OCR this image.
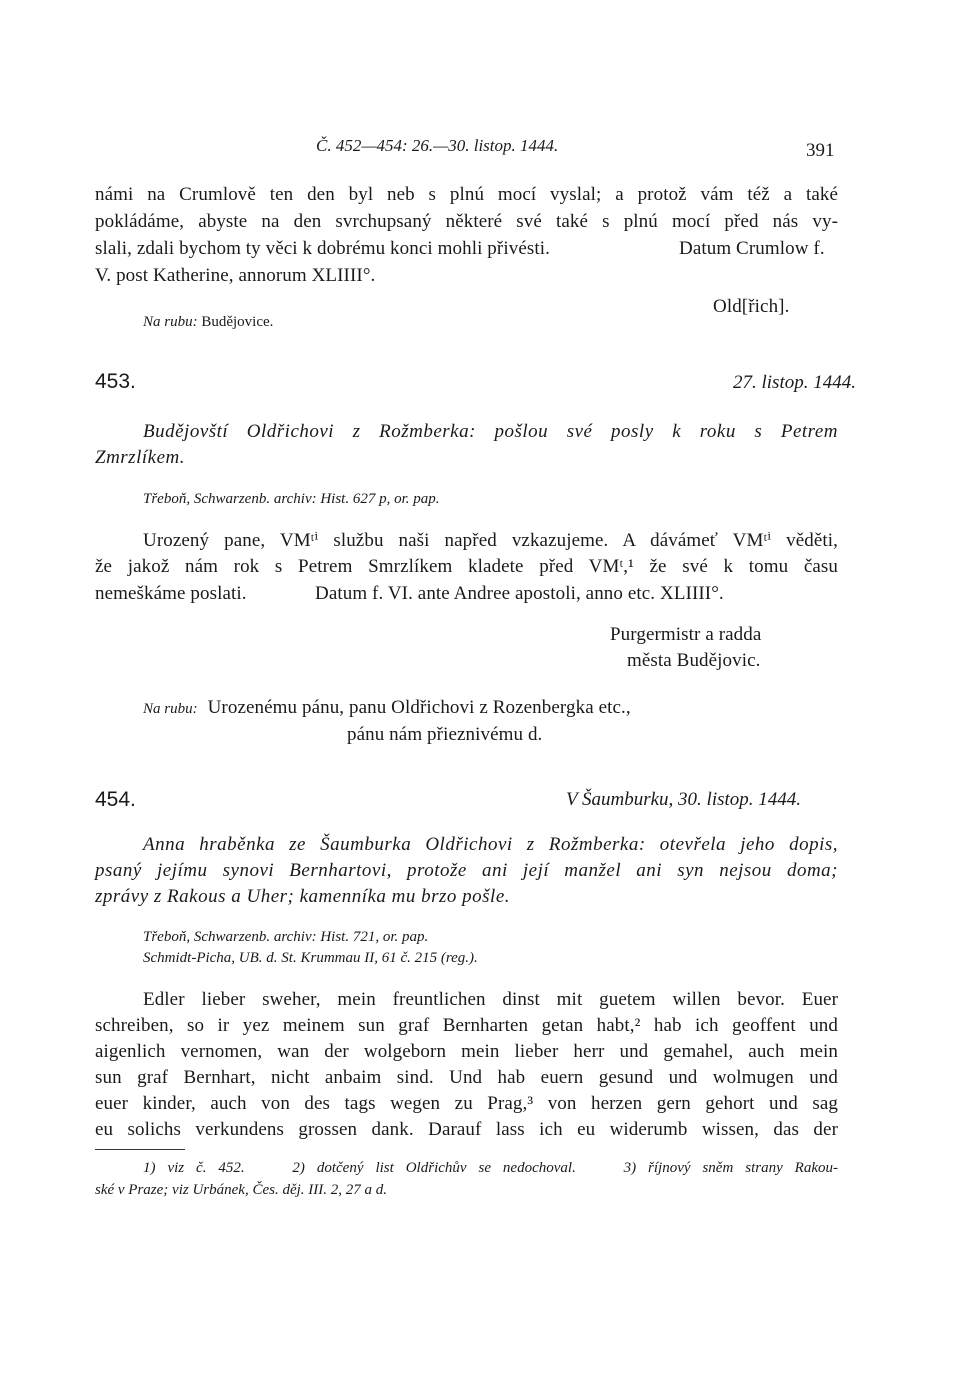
Č. 452—454: 26.—30. listop. 1444.	391
námi na Crumlově ten den byl neb s plnú mocí vyslal; a protož vám též a také
pokládáme, abyste na den svrchupsaný některé své také s plnú mocí před nás vy-
slali, zdali bychom ty věci k dobrému konci mohli přivésti.	Datum Crumlow f.
V. post Katherine, annorum XLIIII°.
Old[řich].
Na rubu: Budějovice.
453.	27. listop. 1444.
Budějovští Oldřichovi z Rožmberka: pošlou své posly k roku s Petrem
Zmrzlíkem.
Třeboň, Schwarzenb. archiv: Hist. 627 p, or. pap.
Urozený pane, VMᵗⁱ službu naši napřed vzkazujeme. A dávámeť VMᵗⁱ věděti,
že jakož nám rok s Petrem Smrzlíkem kladete před VMᵗ,¹ že své k tomu času
nemeškáme poslati.	Datum f. VI. ante Andree apostoli, anno etc. XLIIII°.
Purgermistr a radda
města Budějovic.
Na rubu: Urozenému pánu, panu Oldřichovi z Rozenbergka etc.,
pánu nám přieznivému d.
454.	V Šaumburku, 30. listop. 1444.
Anna hraběnka ze Šaumburka Oldřichovi z Rožmberka: otevřela jeho dopis,
psaný jejímu synovi Bernhartovi, protože ani její manžel ani syn nejsou doma;
zprávy z Rakous a Uher; kamenníka mu brzo pošle.
Třeboň, Schwarzenb. archiv: Hist. 721, or. pap.
Schmidt-Picha, UB. d. St. Krummau II, 61 č. 215 (reg.).
Edler lieber sweher, mein freuntlichen dinst mit guetem willen bevor. Euer
schreiben, so ir yez meinem sun graf Bernharten getan habt,² hab ich geoffent und
aigenlich vernomen, wan der wolgeborn mein lieber herr und gemahel, auch mein
sun graf Bernhart, nicht anbaim sind. Und hab euern gesund und wolmugen und
euer kinder, auch von des tags wegen zu Prag,³ von herzen gern gehort und sag
eu solichs verkundens grossen dank. Darauf lass ich eu widerumb wissen, das der
1) viz č. 452.    2) dotčený list Oldřichův se nedochoval.    3) říjnový sněm strany Rakou-
ské v Praze; viz Urbánek, Čes. děj. III. 2, 27 a d.
